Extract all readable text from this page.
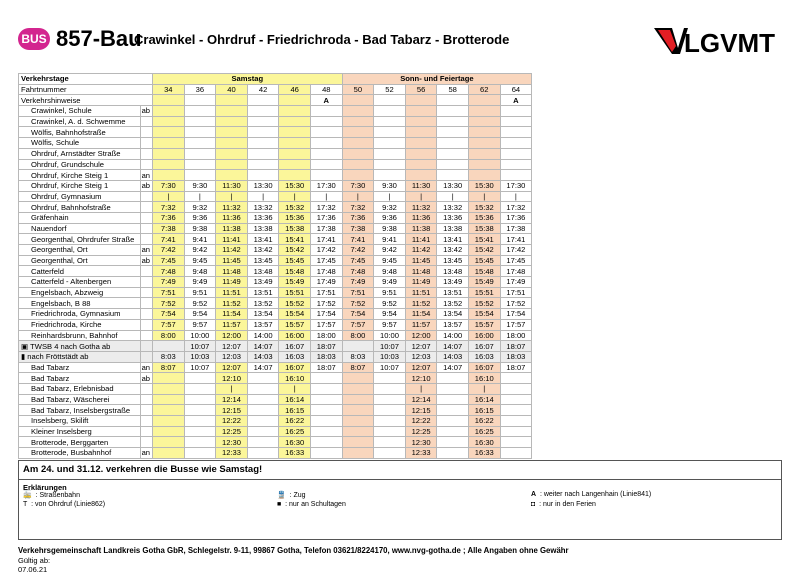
BUS 857-Bau
Crawinkel - Ohrdruf - Friedrichroda - Bad Tabarz - Brotterode	LGVMT
Verkehrstage		Samstag						Sonn- und Feiertage					
Fahrtnummer		34	36	40	42	46	48	50	52	56	58	62	64
Verkehrshinweise							A						A
Crawinkel, Schule	ab												
Crawinkel, A. d. Schwemme													
Wölfis, Bahnhofstraße													
Wölfis, Schule													
Ohrdruf, Arnstädter Straße													
Ohrdruf, Grundschule													
Ohrdruf, Kirche Steig 1	an												
Ohrdruf, Kirche Steig 1	ab	7:30	9:30	11:30	13:30	15:30	17:30	7:30	9:30	11:30	13:30	15:30	17:30
Ohrdruf, Gymnasium		|	|	|	|	|	|	|	|	|	|	|	|
Ohrdruf, Bahnhofstraße		7:32	9:32	11:32	13:32	15:32	17:32	7:32	9:32	11:32	13:32	15:32	17:32
Gräfenhain		7:36	9:36	11:36	13:36	15:36	17:36	7:36	9:36	11:36	13:36	15:36	17:36
Nauendorf		7:38	9:38	11:38	13:38	15:38	17:38	7:38	9:38	11:38	13:38	15:38	17:38
Georgenthal, Ohrdrufer Straße		7:41	9:41	11:41	13:41	15:41	17:41	7:41	9:41	11:41	13:41	15:41	17:41
Georgenthal, Ort	an	7:42	9:42	11:42	13:42	15:42	17:42	7:42	9:42	11:42	13:42	15:42	17:42
Georgenthal, Ort	ab	7:45	9:45	11:45	13:45	15:45	17:45	7:45	9:45	11:45	13:45	15:45	17:45
Catterfeld		7:48	9:48	11:48	13:48	15:48	17:48	7:48	9:48	11:48	13:48	15:48	17:48
Catterfeld - Altenbergen		7:49	9:49	11:49	13:49	15:49	17:49	7:49	9:49	11:49	13:49	15:49	17:49
Engelsbach, Abzweig		7:51	9:51	11:51	13:51	15:51	17:51	7:51	9:51	11:51	13:51	15:51	17:51
Engelsbach, B 88		7:52	9:52	11:52	13:52	15:52	17:52	7:52	9:52	11:52	13:52	15:52	17:52
Friedrichroda, Gymnasium		7:54	9:54	11:54	13:54	15:54	17:54	7:54	9:54	11:54	13:54	15:54	17:54
Friedrichroda, Kirche		7:57	9:57	11:57	13:57	15:57	17:57	7:57	9:57	11:57	13:57	15:57	17:57
Reinhardsbrunn, Bahnhof		8:00	10:00	12:00	14:00	16:00	18:00	8:00	10:00	12:00	14:00	16:00	18:00
▣ TWSB 4 nach Gotha ab			10:07	12:07	14:07	16:07	18:07		10:07	12:07	14:07	16:07	18:07
▮ nach Fröttstädt ab		8:03	10:03	12:03	14:03	16:03	18:03	8:03	10:03	12:03	14:03	16:03	18:03
Bad Tabarz	an	8:07	10:07	12:07	14:07	16:07	18:07	8:07	10:07	12:07	14:07	16:07	18:07
Bad Tabarz	ab			12:10		16:10				12:10		16:10	
Bad Tabarz, Erlebnisbad				|		|				|		|	
Bad Tabarz, Wäscherei				12:14		16:14				12:14		16:14	
Bad Tabarz, Inselsbergstraße				12:15		16:15				12:15		16:15	
Inselsberg, Skilift				12:22		16:22				12:22		16:22	
Kleiner Inselsberg				12:25		16:25				12:25		16:25	
Brotterode, Berggarten				12:30		16:30				12:30		16:30	
Brotterode, Busbahnhof	an			12:33		16:33				12:33		16:33	
Am 24. und 31.12. verkehren die Busse wie Samstag!
Erklärungen
🚋 : Straßenbahn
T : von Ohrdruf (Linie862)
🚆 : Zug
■ : nur an Schultagen
A : weiter nach Langenhain (Linie841)
◘ : nur in den Ferien
Verkehrsgemeinschaft Landkreis Gotha GbR, Schlegelstr. 9-11, 99867 Gotha, Telefon 03621/8224170, www.nvg-gotha.de ; Alle Angaben ohne Gewähr
Gültig ab:
07.06.21
